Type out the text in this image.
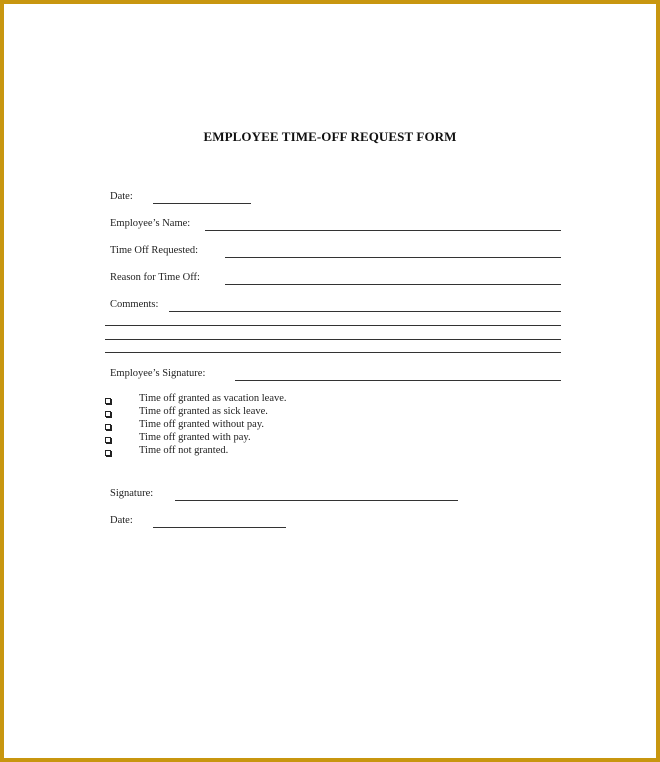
EMPLOYEE TIME-OFF REQUEST FORM
Date:
Employee’s Name:
Time Off Requested:
Reason for Time Off:
Comments:
Employee’s Signature:
Time off granted as vacation leave.
Time off granted as sick leave.
Time off granted without pay.
Time off granted with pay.
Time off not granted.
Signature:
Date:
